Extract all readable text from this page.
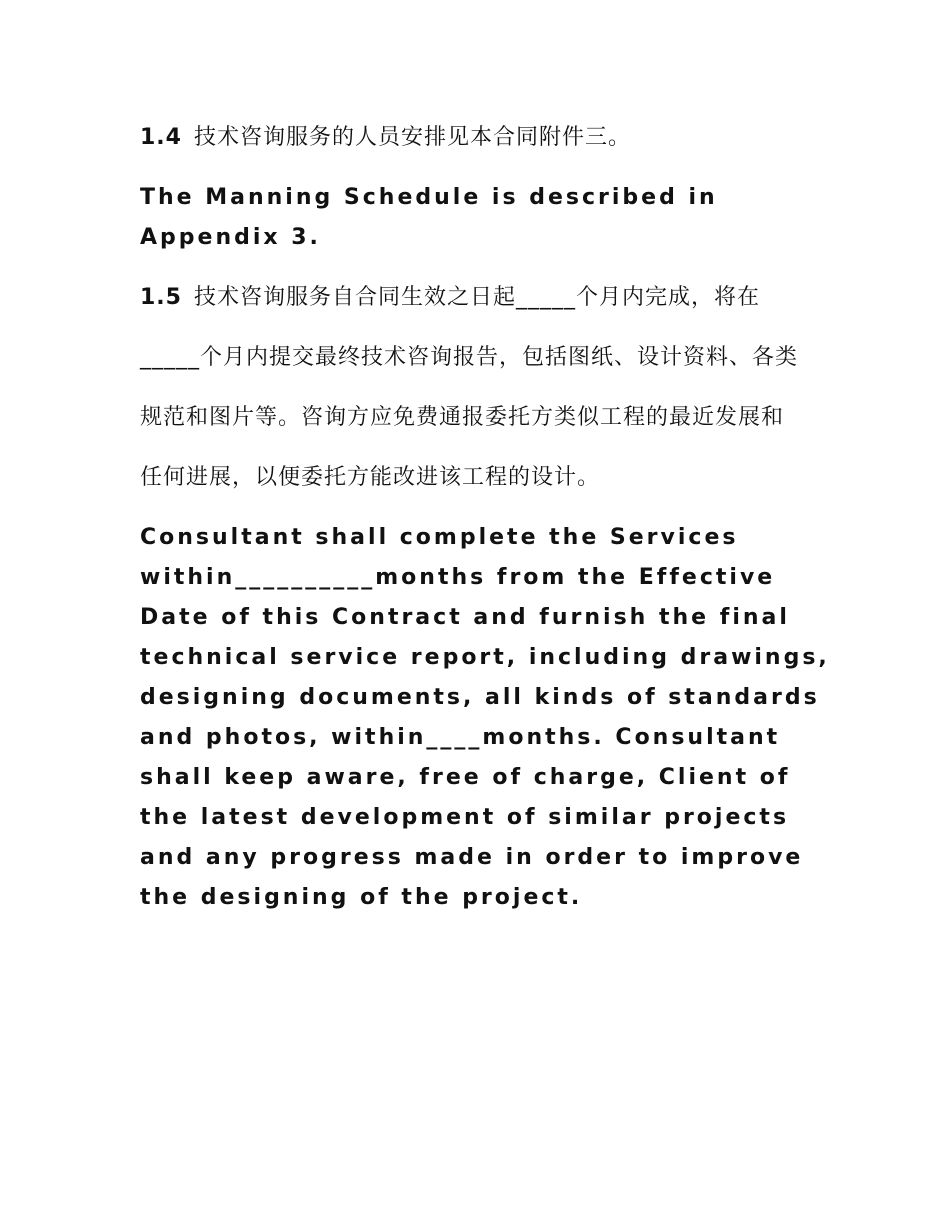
1.4 技术咨询服务的人员安排见本合同附件三。

The Manning Schedule is described in Appendix 3.

1.5 技术咨询服务自合同生效之日起_____个月内完成，将在

_____个月内提交最终技术咨询报告，包括图纸、设计资料、各类

规范和图片等。咨询方应免费通报委托方类似工程的最近发展和

任何进展，以便委托方能改进该工程的设计。

Consultant shall complete the Services within__________months from the Effective Date of this Contract and furnish the final technical service report, including drawings, designing documents, all kinds of standards and photos, within____months. Consultant shall keep aware, free of charge, Client of the latest development of similar projects and any progress made in order to improve the designing of the project.
